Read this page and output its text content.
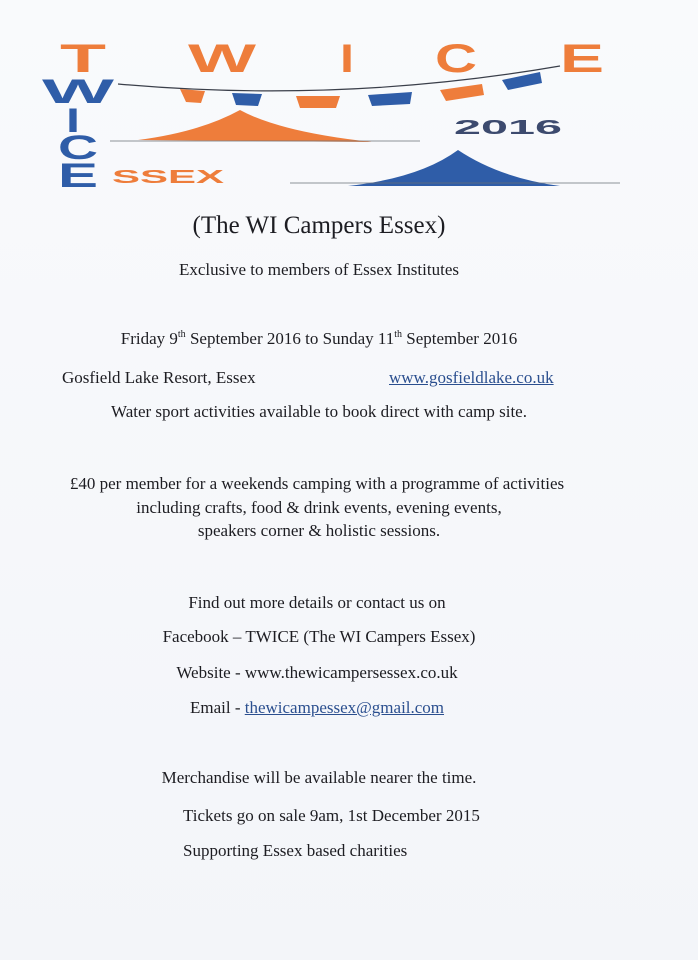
T W I C E
W
I
C
E SSEX
2016
(The WI Campers Essex)
Exclusive to members of Essex Institutes
Friday 9th September 2016 to Sunday 11th September 2016
Gosfield Lake Resort, Essex	www.gosfieldlake.co.uk
Water sport activities available to book direct with camp site.
£40 per member for a weekends camping with a programme of activities
including crafts, food & drink events, evening events,
speakers corner & holistic sessions.
Find out more details or contact us on
Facebook – TWICE (The WI Campers Essex)
Website - www.thewicampersessex.co.uk
Email - thewicampessex@gmail.com
Merchandise will be available nearer the time.
Tickets go on sale 9am, 1st December 2015
Supporting Essex based charities
